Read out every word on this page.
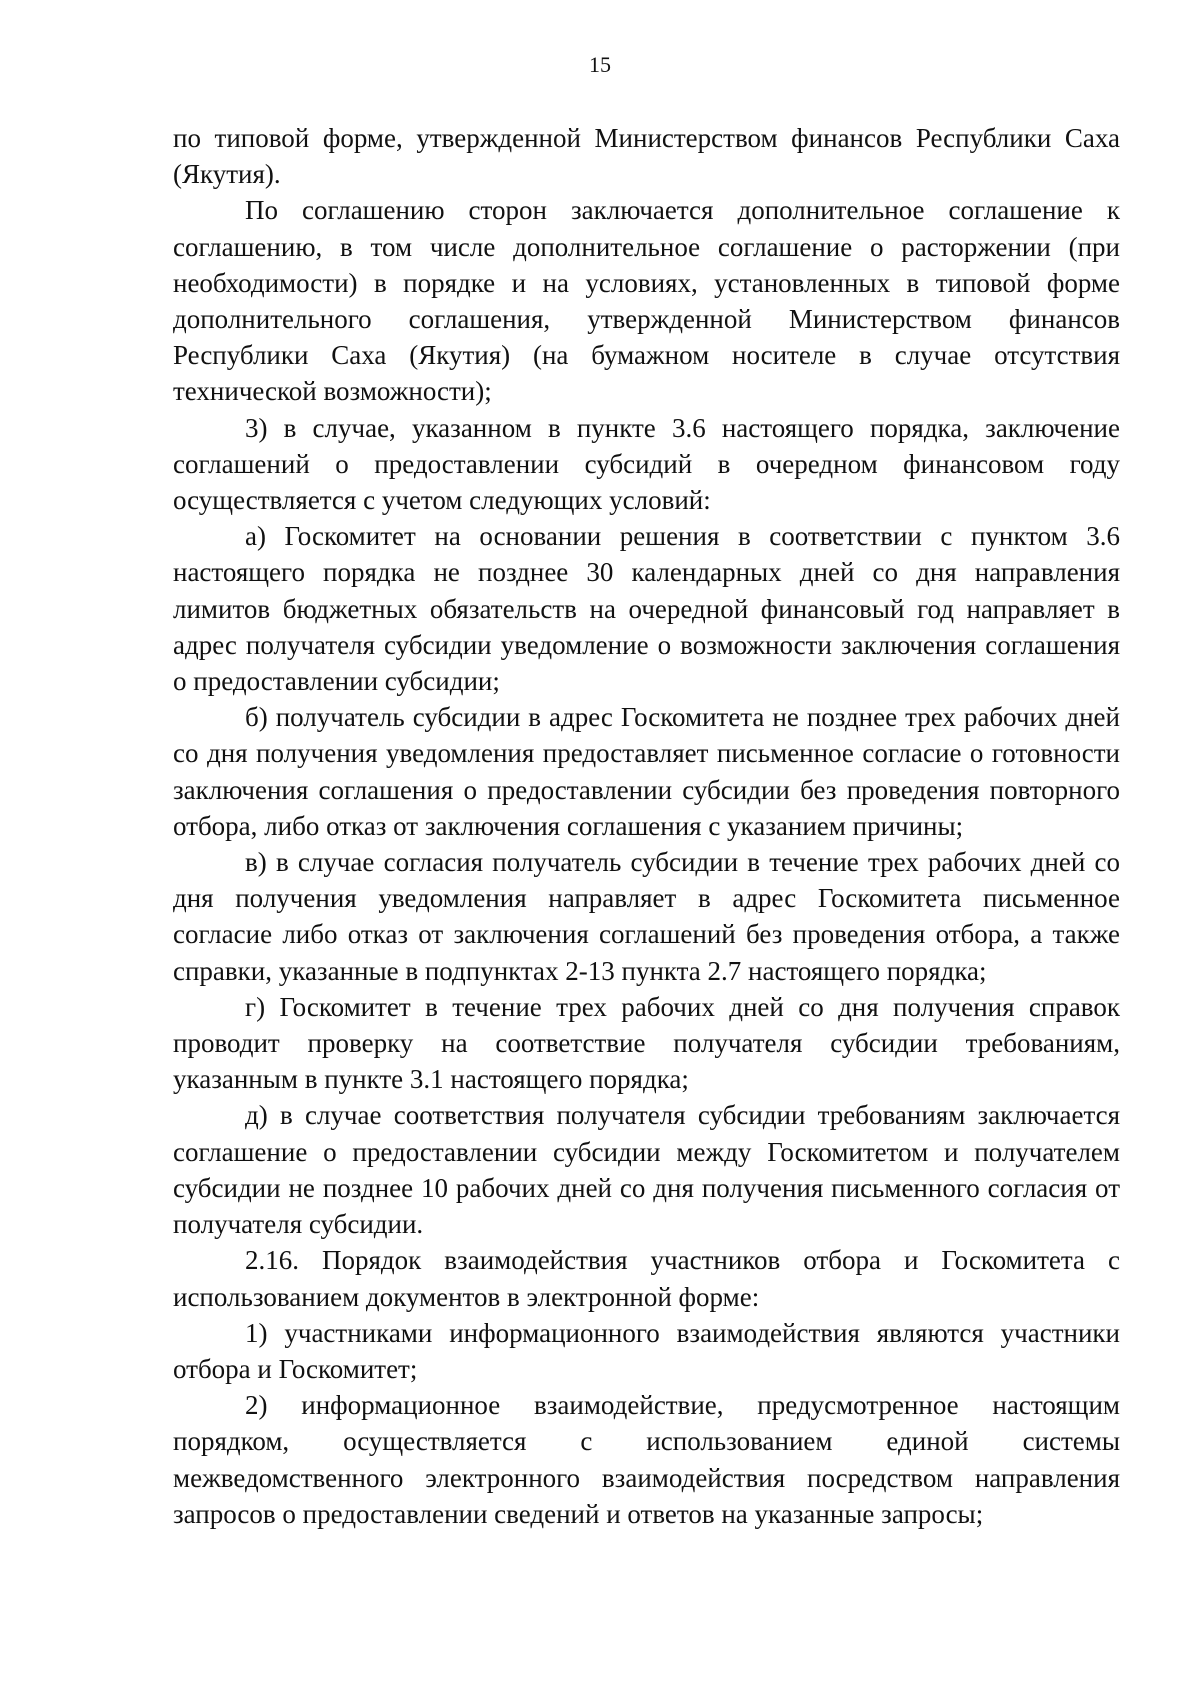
15

по типовой форме, утвержденной Министерством финансов Республики Саха (Якутия).

По соглашению сторон заключается дополнительное соглашение к соглашению, в том числе дополнительное соглашение о расторжении (при необходимости) в порядке и на условиях, установленных в типовой форме дополнительного соглашения, утвержденной Министерством финансов Республики Саха (Якутия) (на бумажном носителе в случае отсутствия технической возможности);

3) в случае, указанном в пункте 3.6 настоящего порядка, заключение соглашений о предоставлении субсидий в очередном финансовом году осуществляется с учетом следующих условий:

а) Госкомитет на основании решения в соответствии с пунктом 3.6 настоящего порядка не позднее 30 календарных дней со дня направления лимитов бюджетных обязательств на очередной финансовый год направляет в адрес получателя субсидии уведомление о возможности заключения соглашения о предоставлении субсидии;

б) получатель субсидии в адрес Госкомитета не позднее трех рабочих дней со дня получения уведомления предоставляет письменное согласие о готовности заключения соглашения о предоставлении субсидии без проведения повторного отбора, либо отказ от заключения соглашения с указанием причины;

в) в случае согласия получатель субсидии в течение трех рабочих дней со дня получения уведомления направляет в адрес Госкомитета письменное согласие либо отказ от заключения соглашений без проведения отбора, а также справки, указанные в подпунктах 2-13 пункта 2.7 настоящего порядка;

г) Госкомитет в течение трех рабочих дней со дня получения справок проводит проверку на соответствие получателя субсидии требованиям, указанным в пункте 3.1 настоящего порядка;

д) в случае соответствия получателя субсидии требованиям заключается соглашение о предоставлении субсидии между Госкомитетом и получателем субсидии не позднее 10 рабочих дней со дня получения письменного согласия от получателя субсидии.

2.16. Порядок взаимодействия участников отбора и Госкомитета с использованием документов в электронной форме:

1) участниками информационного взаимодействия являются участники отбора и Госкомитет;

2) информационное взаимодействие, предусмотренное настоящим порядком, осуществляется с использованием единой системы межведомственного электронного взаимодействия посредством направления запросов о предоставлении сведений и ответов на указанные запросы;
